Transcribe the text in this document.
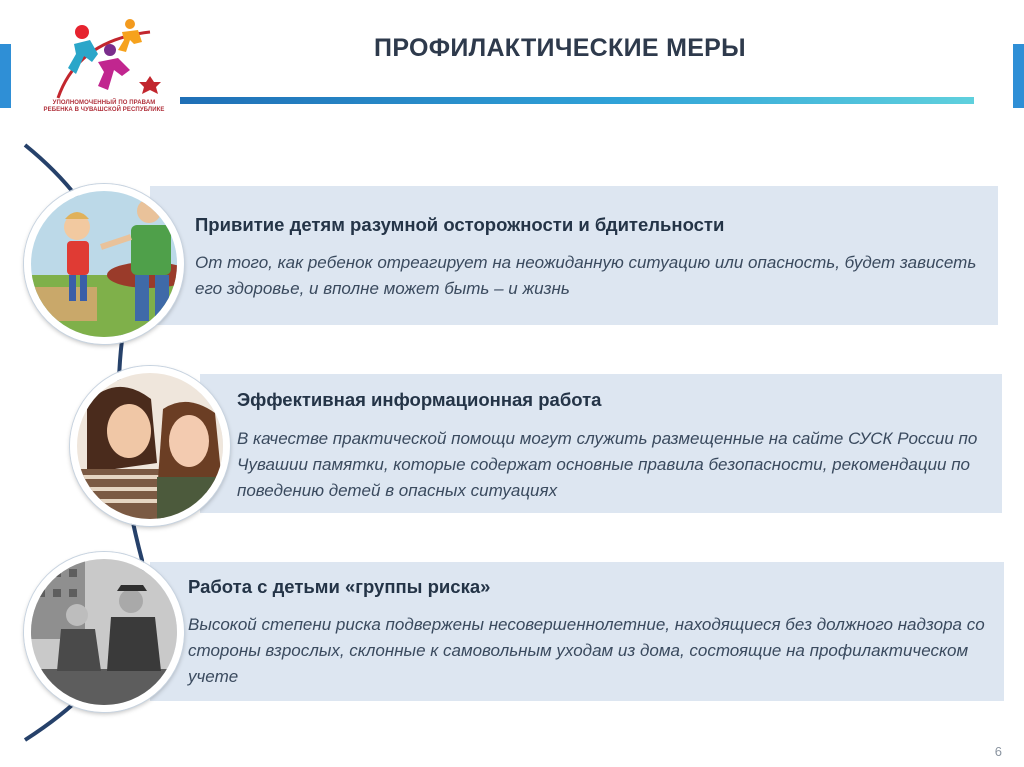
УПОЛНОМОЧЕННЫЙ ПО ПРАВАМ РЕБЕНКА В ЧУВАШСКОЙ РЕСПУБЛИКЕ
ПРОФИЛАКТИЧЕСКИЕ МЕРЫ
Привитие детям разумной осторожности и бдительности
От того, как ребенок отреагирует на неожиданную ситуацию или опасность, будет зависеть его здоровье, и вполне может быть – и жизнь
Эффективная информационная работа
В качестве практической помощи могут служить размещенные на сайте СУСК России по Чувашии памятки, которые содержат основные правила безопасности, рекомендации по поведению детей в опасных ситуациях
Работа с детьми «группы риска»
Высокой степени риска подвержены несовершеннолетние, находящиеся без должного надзора со стороны взрослых, склонные к самовольным уходам из дома, состоящие на профилактическом учете
6
